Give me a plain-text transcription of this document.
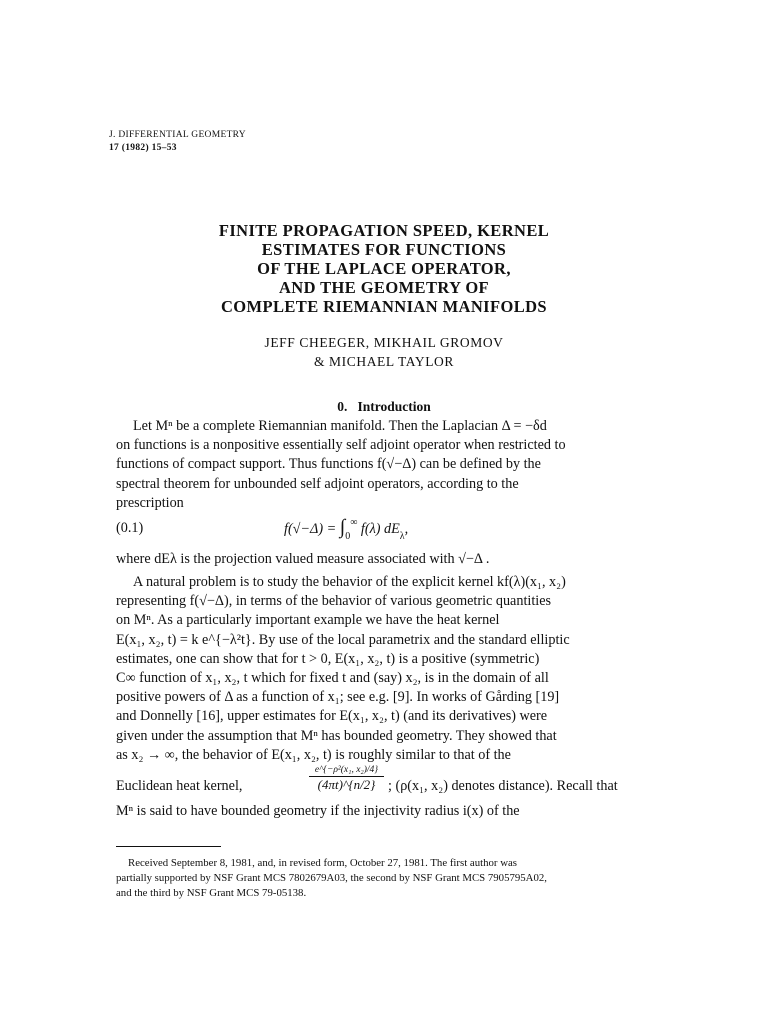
J. DIFFERENTIAL GEOMETRY
17 (1982) 15–53
FINITE PROPAGATION SPEED, KERNEL
ESTIMATES FOR FUNCTIONS
OF THE LAPLACE OPERATOR,
AND THE GEOMETRY OF
COMPLETE RIEMANNIAN MANIFOLDS
JEFF CHEEGER, MIKHAIL GROMOV
& MICHAEL TAYLOR
0. Introduction
Let Mⁿ be a complete Riemannian manifold. Then the Laplacian Δ = −δd
on functions is a nonpositive essentially self adjoint operator when restricted to
functions of compact support. Thus functions f(√−Δ) can be defined by the
spectral theorem for unbounded self adjoint operators, according to the
prescription
(0.1)	$f(√-\Delta) = \int_0^\infty$ f(λ) $dE_\lambda$,
where dEλ is the projection valued measure associated with √−Δ .
A natural problem is to study the behavior of the explicit kernel kf(λ)(x₁, x₂)
representing f(√−Δ), in terms of the behavior of various geometric quantities
on Mⁿ. As a particularly important example we have the heat kernel
E(x₁, x₂, t) = k e^{−λ²t}. By use of the local parametrix and the standard elliptic
estimates, one can show that for t > 0, E(x₁, x₂, t) is a positive (symmetric)
C∞ function of x₁, x₂, t which for fixed t and (say) x₂, is in the domain of all
positive powers of Δ as a function of x₁; see e.g. [9]. In works of Gårding [19]
and Donnelly [16], upper estimates for E(x₁, x₂, t) (and its derivatives) were
given under the assumption that Mⁿ has bounded geometry. They showed that
as x₂ → ∞, the behavior of E(x₁, x₂, t) is roughly similar to that of the
Euclidean heat kernel,
e^{−ρ²(x₁, x₂)/4}
(4πt)^{n/2} ; (ρ(x₁, x₂) denotes distance). Recall that
Mⁿ is said to have bounded geometry if the injectivity radius i(x) of the
Received September 8, 1981, and, in revised form, October 27, 1981. The first author was
partially supported by NSF Grant MCS 7802679A03, the second by NSF Grant MCS 7905795A02,
and the third by NSF Grant MCS 79-05138.
